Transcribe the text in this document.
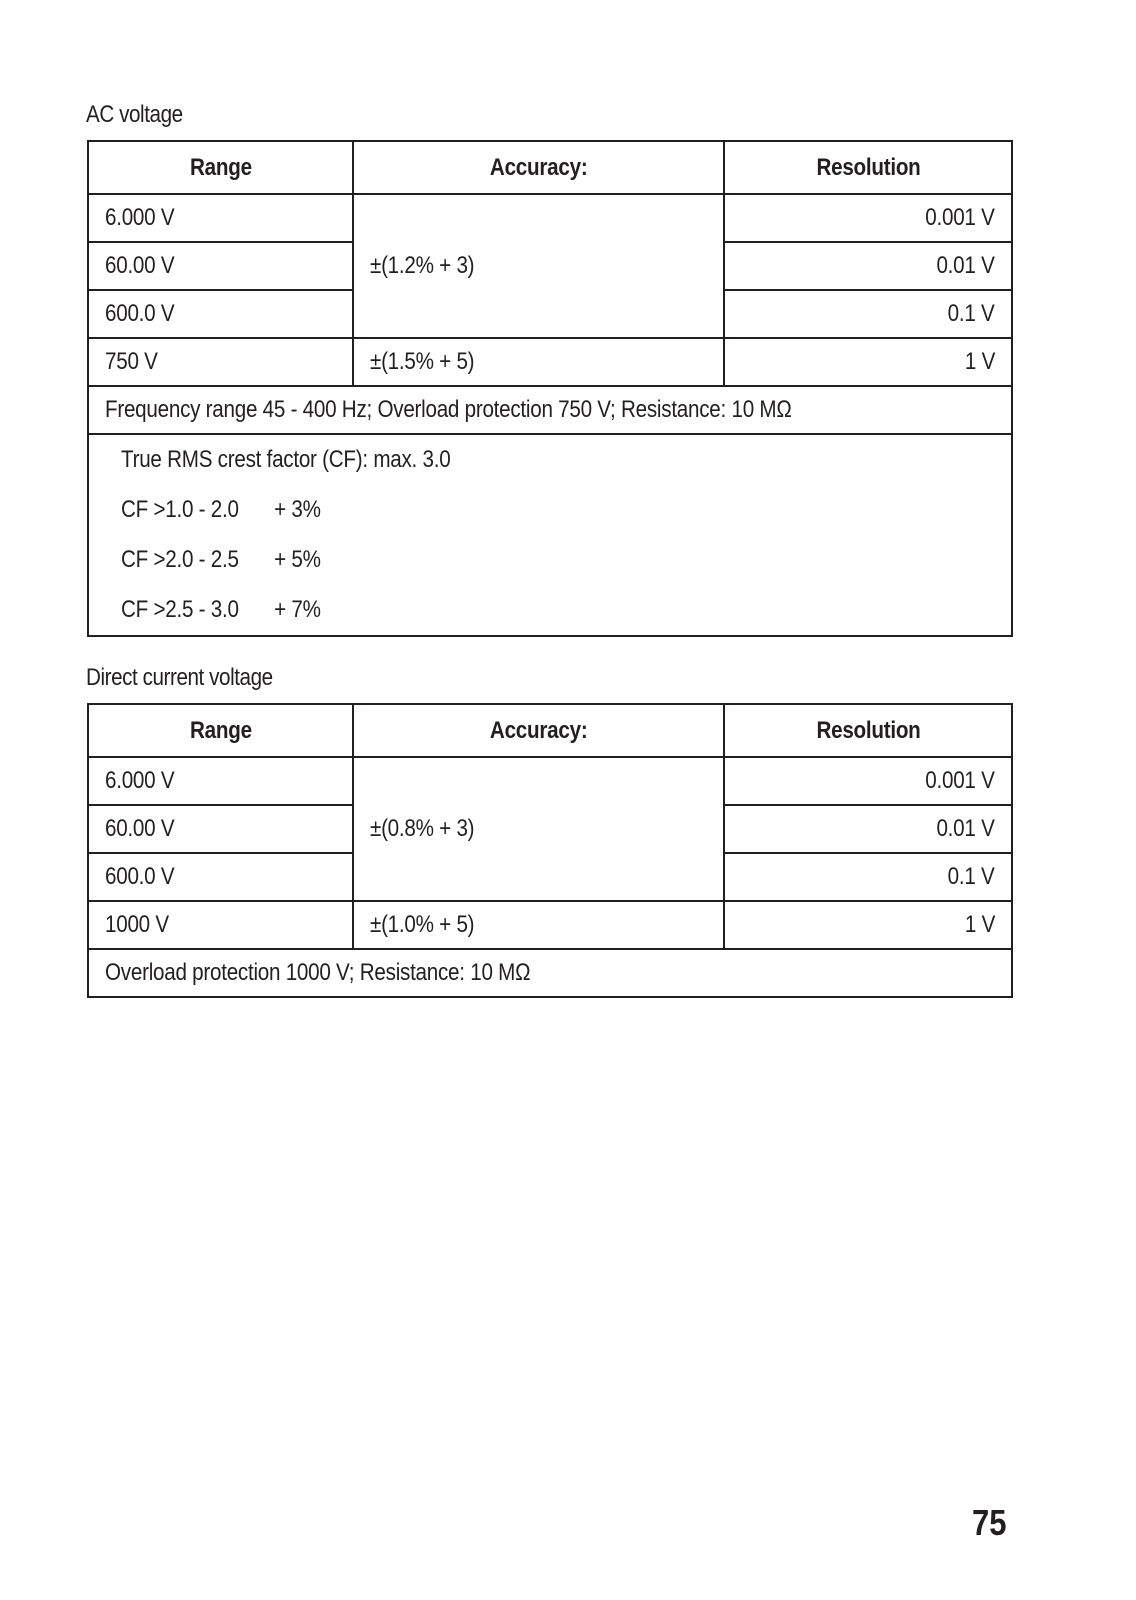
AC voltage
Range	Accuracy:	Resolution
6.000 V	±(1.2% + 3)	0.001 V
60.00 V		0.01 V
600.0 V		0.1 V
750 V	±(1.5% + 5)	1 V
Frequency range 45 - 400 Hz; Overload protection 750 V; Resistance: 10 MΩ		

True RMS crest factor (CF): max. 3.0
CF >1.0 - 2.0 + 3%
CF >2.0 - 2.5 + 5%
CF >2.5 - 3.0 + 7%		
Direct current voltage
Range	Accuracy:	Resolution
6.000 V	±(0.8% + 3)	0.001 V
60.00 V		0.01 V
600.0 V		0.1 V
1000 V	±(1.0% + 5)	1 V
Overload protection 1000 V; Resistance: 10 MΩ		
75
